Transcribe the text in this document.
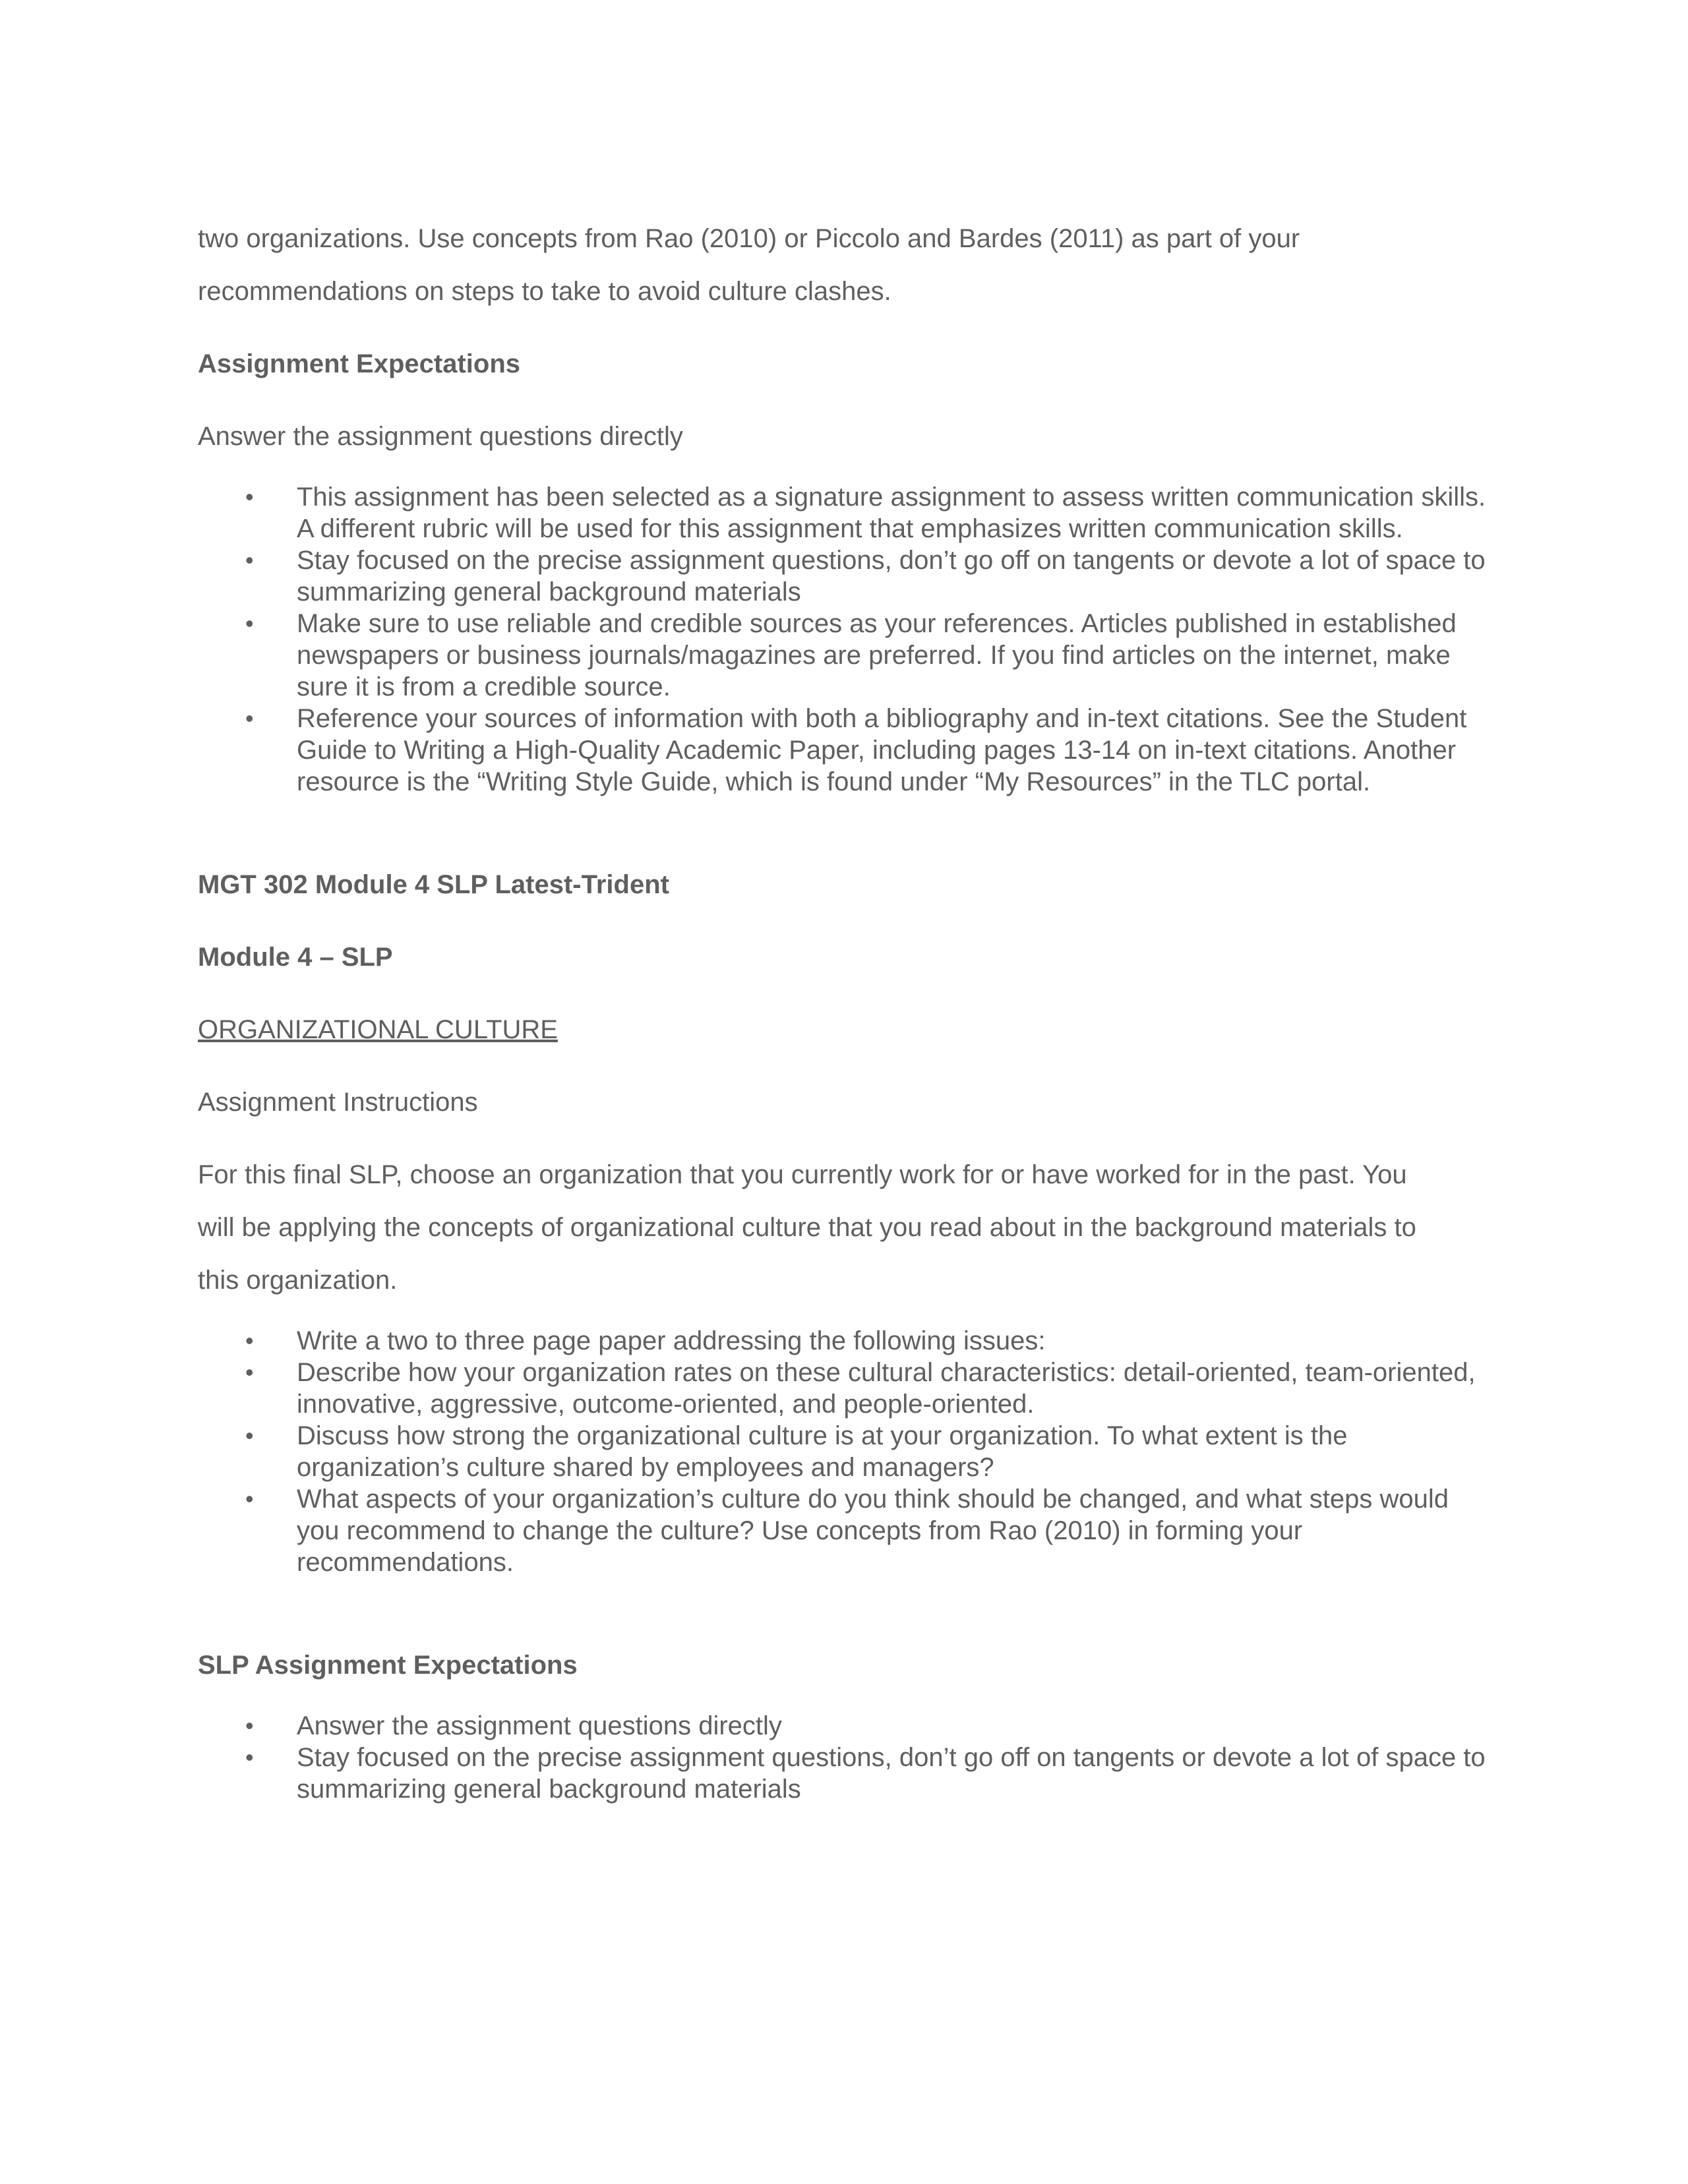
two organizations. Use concepts from Rao (2010) or Piccolo and Bardes (2011) as part of your

recommendations on steps to take to avoid culture clashes.

Assignment Expectations

Answer the assignment questions directly

• This assignment has been selected as a signature assignment to assess written communication skills. A different rubric will be used for this assignment that emphasizes written communication skills.
• Stay focused on the precise assignment questions, don’t go off on tangents or devote a lot of space to summarizing general background materials
• Make sure to use reliable and credible sources as your references. Articles published in established newspapers or business journals/magazines are preferred. If you find articles on the internet, make sure it is from a credible source.
• Reference your sources of information with both a bibliography and in-text citations. See the Student Guide to Writing a High-Quality Academic Paper, including pages 13-14 on in-text citations. Another resource is the “Writing Style Guide, which is found under “My Resources” in the TLC portal.

MGT 302 Module 4 SLP Latest-Trident

Module 4 – SLP

ORGANIZATIONAL CULTURE

Assignment Instructions

For this final SLP, choose an organization that you currently work for or have worked for in the past. You

will be applying the concepts of organizational culture that you read about in the background materials to

this organization.

• Write a two to three page paper addressing the following issues:
• Describe how your organization rates on these cultural characteristics: detail-oriented, team-oriented, innovative, aggressive, outcome-oriented, and people-oriented.
• Discuss how strong the organizational culture is at your organization. To what extent is the organization’s culture shared by employees and managers?
• What aspects of your organization’s culture do you think should be changed, and what steps would you recommend to change the culture? Use concepts from Rao (2010) in forming your recommendations.

SLP Assignment Expectations

• Answer the assignment questions directly
• Stay focused on the precise assignment questions, don’t go off on tangents or devote a lot of space to summarizing general background materials
